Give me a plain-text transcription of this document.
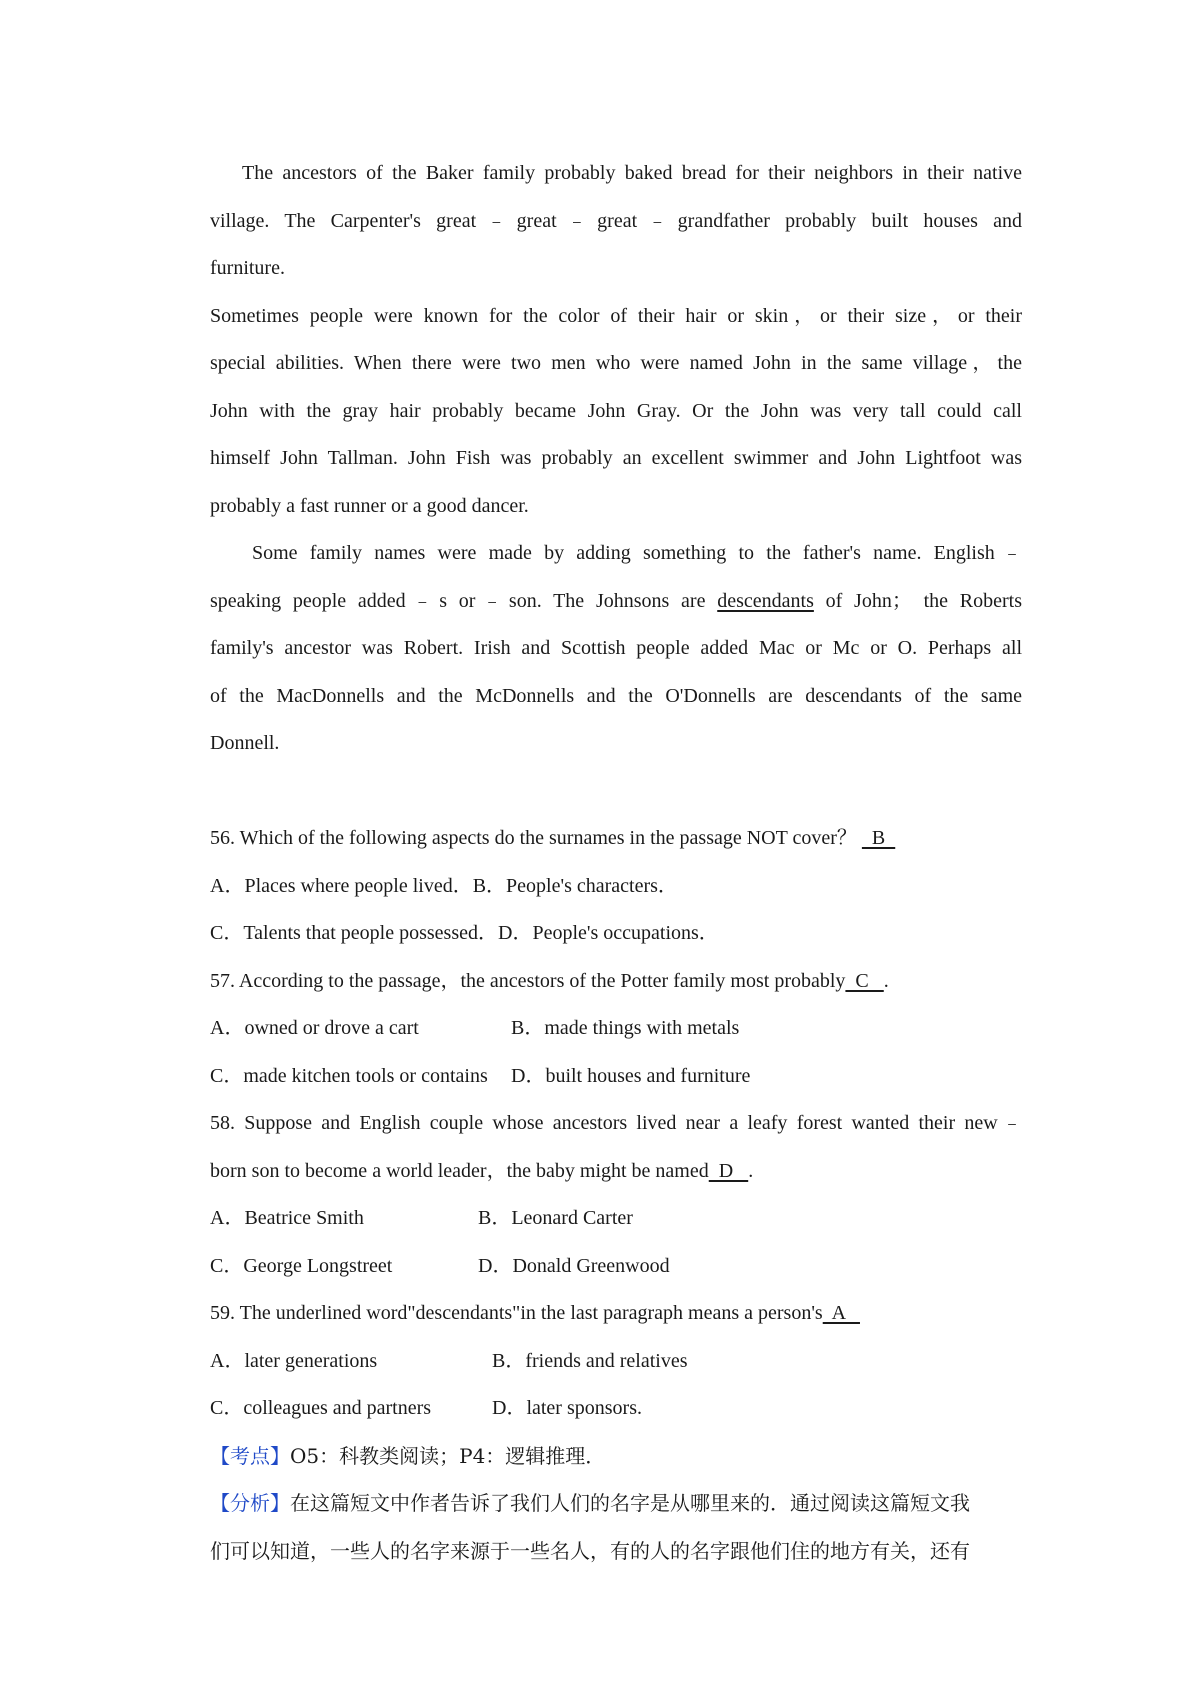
The ancestors of the Baker family probably baked bread for their neighbors in their native
village. The Carpenter's great﹣great﹣great﹣grandfather probably built houses and
furniture.
Sometimes people were known for the color of their hair or skin，or their size，or their
special abilities. When there were two men who were named John in the same village，the
John with the gray hair probably became John Gray. Or the John was very tall could call
himself John Tallman. John Fish was probably an excellent swimmer and John Lightfoot was
probably a fast runner or a good dancer.
Some family names were made by adding something to the father's name. English﹣
speaking people added﹣s or﹣son. The Johnsons are descendants of John； the Roberts
family's ancestor was Robert. Irish and Scottish people added Mac or Mc or O. Perhaps all
of the MacDonnells and the McDonnells and the O'Donnells are descendants of the same
Donnell.
56. Which of the following aspects do the surnames in the passage NOT cover？   B
A．Places where people lived．B．People's characters．
C．Talents that people possessed．D．People's occupations．
57. According to the passage，the ancestors of the Potter family most probably  C   .
A．owned or drove a cart	B．made things with metals
C．made kitchen tools or contains D．built houses and furniture
58. Suppose and English couple whose ancestors lived near a leafy forest wanted their new﹣
born son to become a world leader，the baby might be named  D   .
A．Beatrice Smith	B．Leonard Carter
C．George Longstreet	D．Donald Greenwood
59. The underlined word"descendants"in the last paragraph means a person's  A
A．later generations	B．friends and relatives
C．colleagues and partners	D．later sponsors.
【考点】O5：科教类阅读；P4：逻辑推理．
【分析】在这篇短文中作者告诉了我们人们的名字是从哪里来的．通过阅读这篇短文我
们可以知道，一些人的名字来源于一些名人，有的人的名字跟他们住的地方有关，还有
